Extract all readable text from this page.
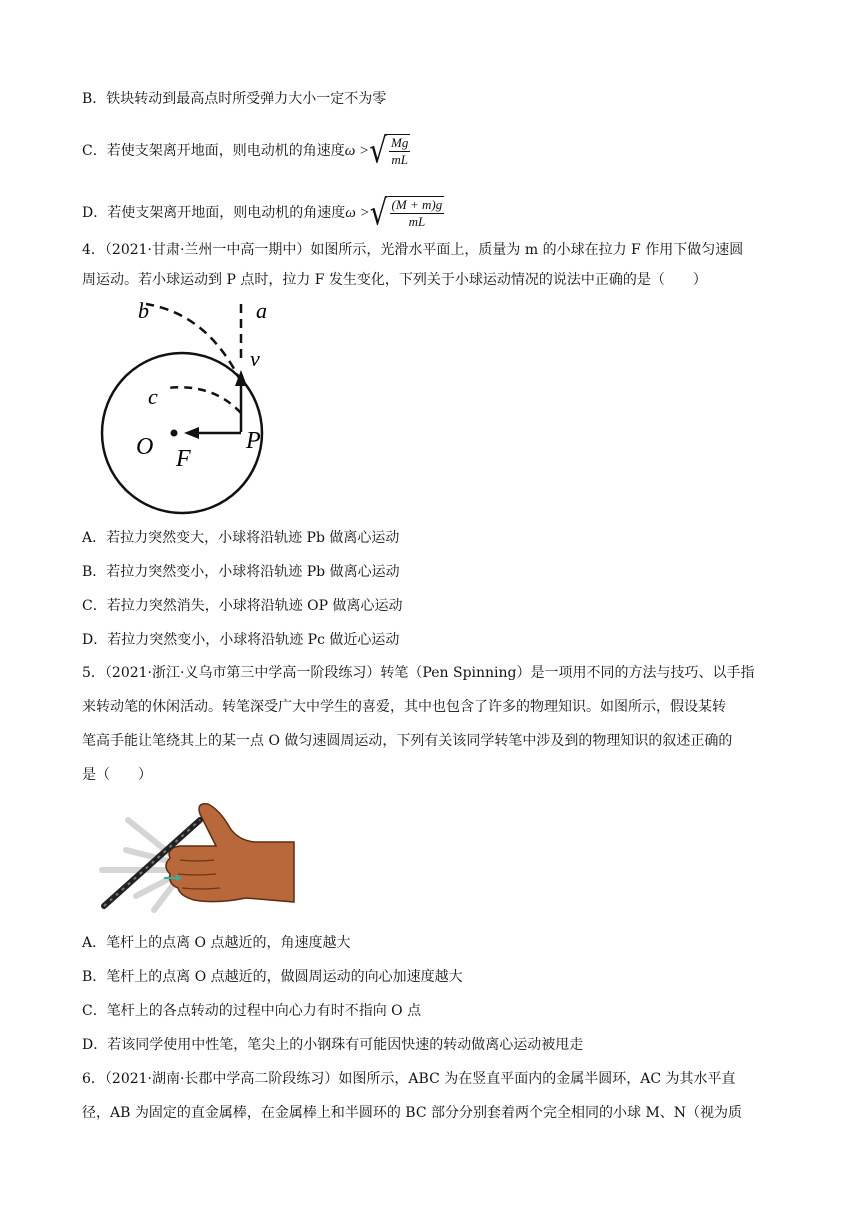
B．铁块转动到最高点时所受弹力大小一定不为零
C．若使支架离开地面，则电动机的角速度ω >√ $\frac{Mg}{mL}$
D．若使支架离开地面，则电动机的角速度ω >√ $\frac{(M + m)g}{mL}$
4．（2021·甘肃·兰州一中高一期中）如图所示，光滑水平面上，质量为 m 的小球在拉力 F 作用下做匀速圆
周运动。若小球运动到 P 点时，拉力 F 发生变化，下列关于小球运动情况的说法中正确的是（　　）
a
b
c
v
O F
P
A．若拉力突然变大，小球将沿轨迹 Pb 做离心运动
B．若拉力突然变小，小球将沿轨迹 Pb 做离心运动
C．若拉力突然消失，小球将沿轨迹 OP 做离心运动
D．若拉力突然变小，小球将沿轨迹 Pc 做近心运动
5．（2021·浙江·义乌市第三中学高一阶段练习）转笔（Pen Spinning）是一项用不同的方法与技巧、以手指
来转动笔的休闲活动。转笔深受广大中学生的喜爱，其中也包含了许多的物理知识。如图所示，假设某转
笔高手能让笔绕其上的某一点 O 做匀速圆周运动，下列有关该同学转笔中涉及到的物理知识的叙述正确的
是（　　）
A．笔杆上的点离 O 点越近的，角速度越大
B．笔杆上的点离 O 点越近的，做圆周运动的向心加速度越大
C．笔杆上的各点转动的过程中向心力有时不指向 O 点
D．若该同学使用中性笔，笔尖上的小钢珠有可能因快速的转动做离心运动被甩走
6．（2021·湖南·长郡中学高二阶段练习）如图所示，ABC 为在竖直平面内的金属半圆环，AC 为其水平直
径，AB 为固定的直金属棒，在金属棒上和半圆环的 BC 部分分别套着两个完全相同的小球 M、N（视为质
